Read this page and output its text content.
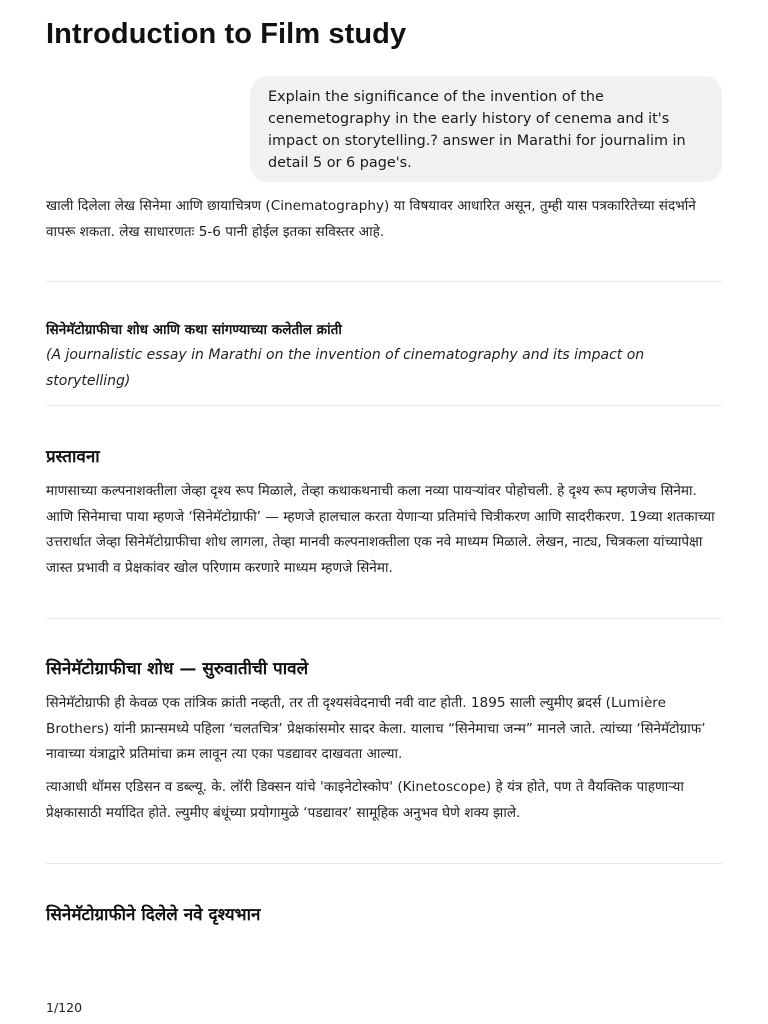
Introduction to Film study
Explain the significance of the invention of the cenemetography in the early history of cenema and it's impact on storytelling.? answer in Marathi for journalim in detail 5 or 6 page's.

खाली दिलेला लेख सिनेमा आणि छायाचित्रण (Cinematography) या विषयावर आधारित असून, तुम्ही यास पत्रकारितेच्या संदर्भाने वापरू शकता. लेख साधारणतः 5-6 पानी होईल इतका सविस्तर आहे.

सिनेमॅटोग्राफीचा शोध आणि कथा सांगण्याच्या कलेतील क्रांती

(A journalistic essay in Marathi on the invention of cinematography and its impact on storytelling)

प्रस्तावना

माणसाच्या कल्पनाशक्तीला जेव्हा दृश्य रूप मिळाले, तेव्हा कथाकथनाची कला नव्या पायऱ्यांवर पोहोचली. हे दृश्य रूप म्हणजेच सिनेमा. आणि सिनेमाचा पाया म्हणजे ‘सिनेमॅटोग्राफी’ — म्हणजे हालचाल करता येणाऱ्या प्रतिमांचे चित्रीकरण आणि सादरीकरण. 19व्या शतकाच्या उत्तरार्धात जेव्हा सिनेमॅटोग्राफीचा शोध लागला, तेव्हा मानवी कल्पनाशक्तीला एक नवे माध्यम मिळाले. लेखन, नाट्य, चित्रकला यांच्यापेक्षा जास्त प्रभावी व प्रेक्षकांवर खोल परिणाम करणारे माध्यम म्हणजे सिनेमा.

सिनेमॅटोग्राफीचा शोध — सुरुवातीची पावले

सिनेमॅटोग्राफी ही केवळ एक तांत्रिक क्रांती नव्हती, तर ती दृश्यसंवेदनाची नवी वाट होती. 1895 साली ल्युमीए ब्रदर्स (Lumière Brothers) यांनी फ्रान्समध्ये पहिला ‘चलतचित्र’ प्रेक्षकांसमोर सादर केला. यालाच “सिनेमाचा जन्म” मानले जाते. त्यांच्या ‘सिनेमॅटोग्राफ’ नावाच्या यंत्राद्वारे प्रतिमांचा क्रम लावून त्या एका पडद्यावर दाखवता आल्या.

त्याआधी थॉमस एडिसन व डब्ल्यू. के. लॉरी डिक्सन यांचे 'काइनेटोस्कोप' (Kinetoscope) हे यंत्र होते, पण ते वैयक्तिक पाहणाऱ्या प्रेक्षकासाठी मर्यादित होते. ल्युमीए बंधूंच्या प्रयोगामुळे ‘पडद्यावर’ सामूहिक अनुभव घेणे शक्य झाले.

सिनेमॅटोग्राफीने दिलेले नवे दृश्यभान
1/120
